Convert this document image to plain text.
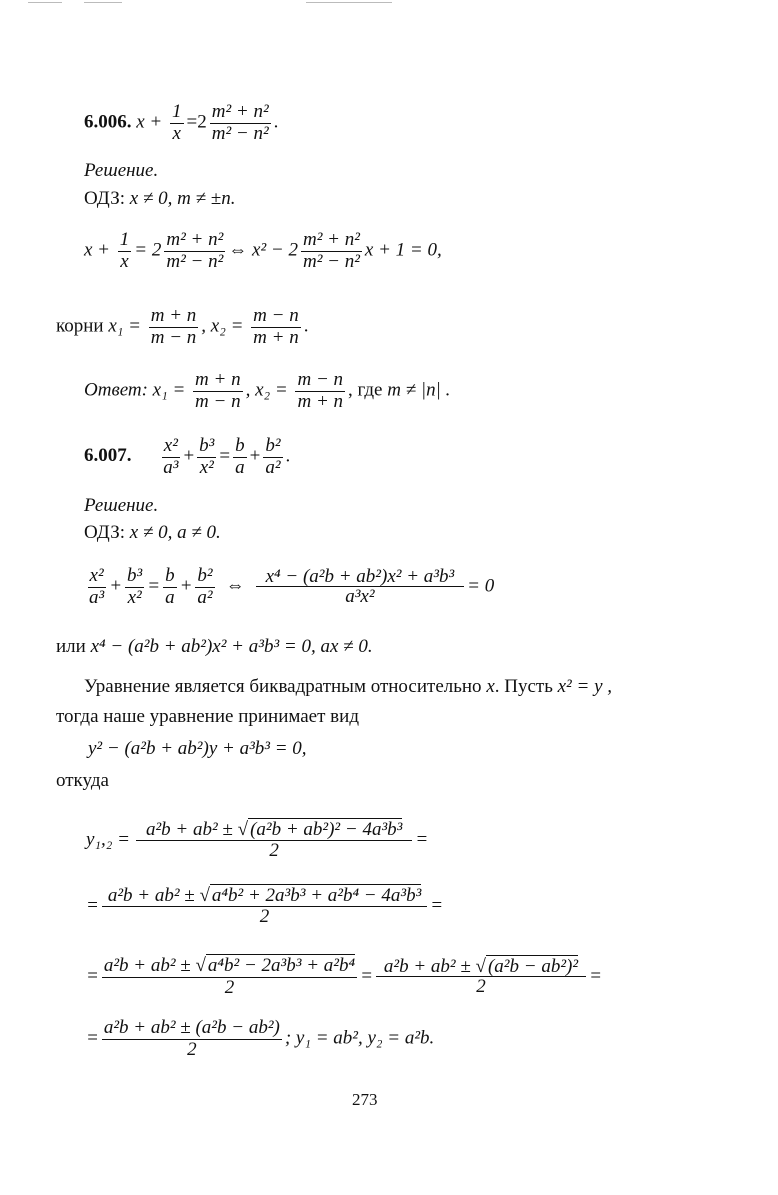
6.006. $x + \frac{1}{x} =2 \frac{\text{m² + n²}}{\text{m² − n²}}$ .
Решение.
ОДЗ: x ≠ 0, m ≠ ±n.
$x + \frac{1}{x} = 2 \frac{\text{m² + n²}}{\text{m² − n²}}$ ⇔ $x^2 - 2 \frac{\text{m² + n²}}{\text{m² − n²}}$ x + 1 = 0,
корни $x_1 = \frac{m + n}{m - n}$ , $x_2 = \frac{m - n}{m + n}$ .
Ответ: $x_1 = \frac{m + n}{m - n}$ , $x_2 = \frac{m - n}{m + n}$ , где m ≠ |n| .
6.007. $\frac{\text{x²}}{\text{a³}} + \frac{\text{b³}}{\text{x²}} = \frac{b}{a} + \frac{\text{b²}}{\text{a²}}$ .
Решение.
ОДЗ: x ≠ 0, a ≠ 0.
$\frac{\text{x²}}{\text{a³}} + \frac{\text{b³}}{\text{x²}} = \frac{b}{a} + \frac{\text{b²}}{\text{a²}}$ ⇔ $\frac{\text{x⁴ − (a²b + ab²)x² + a³b³}}{\text{a³x²}} = 0$
или x⁴ − (a²b + ab²)x² + a³b³ = 0, ax ≠ 0.
Уравнение является биквадратным относительно x. Пусть x² = y ,
тогда наше уравнение принимает вид
y² − (a²b + ab²)y + a³b³ = 0,
откуда
$y_1,_2 = \frac{\text{a²b + ab² ± √ (a²b + ab²)² − 4a³b³}}{2}$ =
= $\frac{\text{a²b + ab² ± √ a⁴b² + 2a³b³ + a²b⁴ − 4a³b³}}{2}$ =
= $\frac{\text{a²b + ab² ± √ a⁴b² − 2a³b³ + a²b⁴}}{2} = \frac{\text{a²b + ab² ± √ (a²b − ab²)²}}{2}$ =
= $\frac{\text{a²b + ab² ± (a²b − ab²)}}{2}$ ; y₁ = ab², y₂ = a²b.
273
